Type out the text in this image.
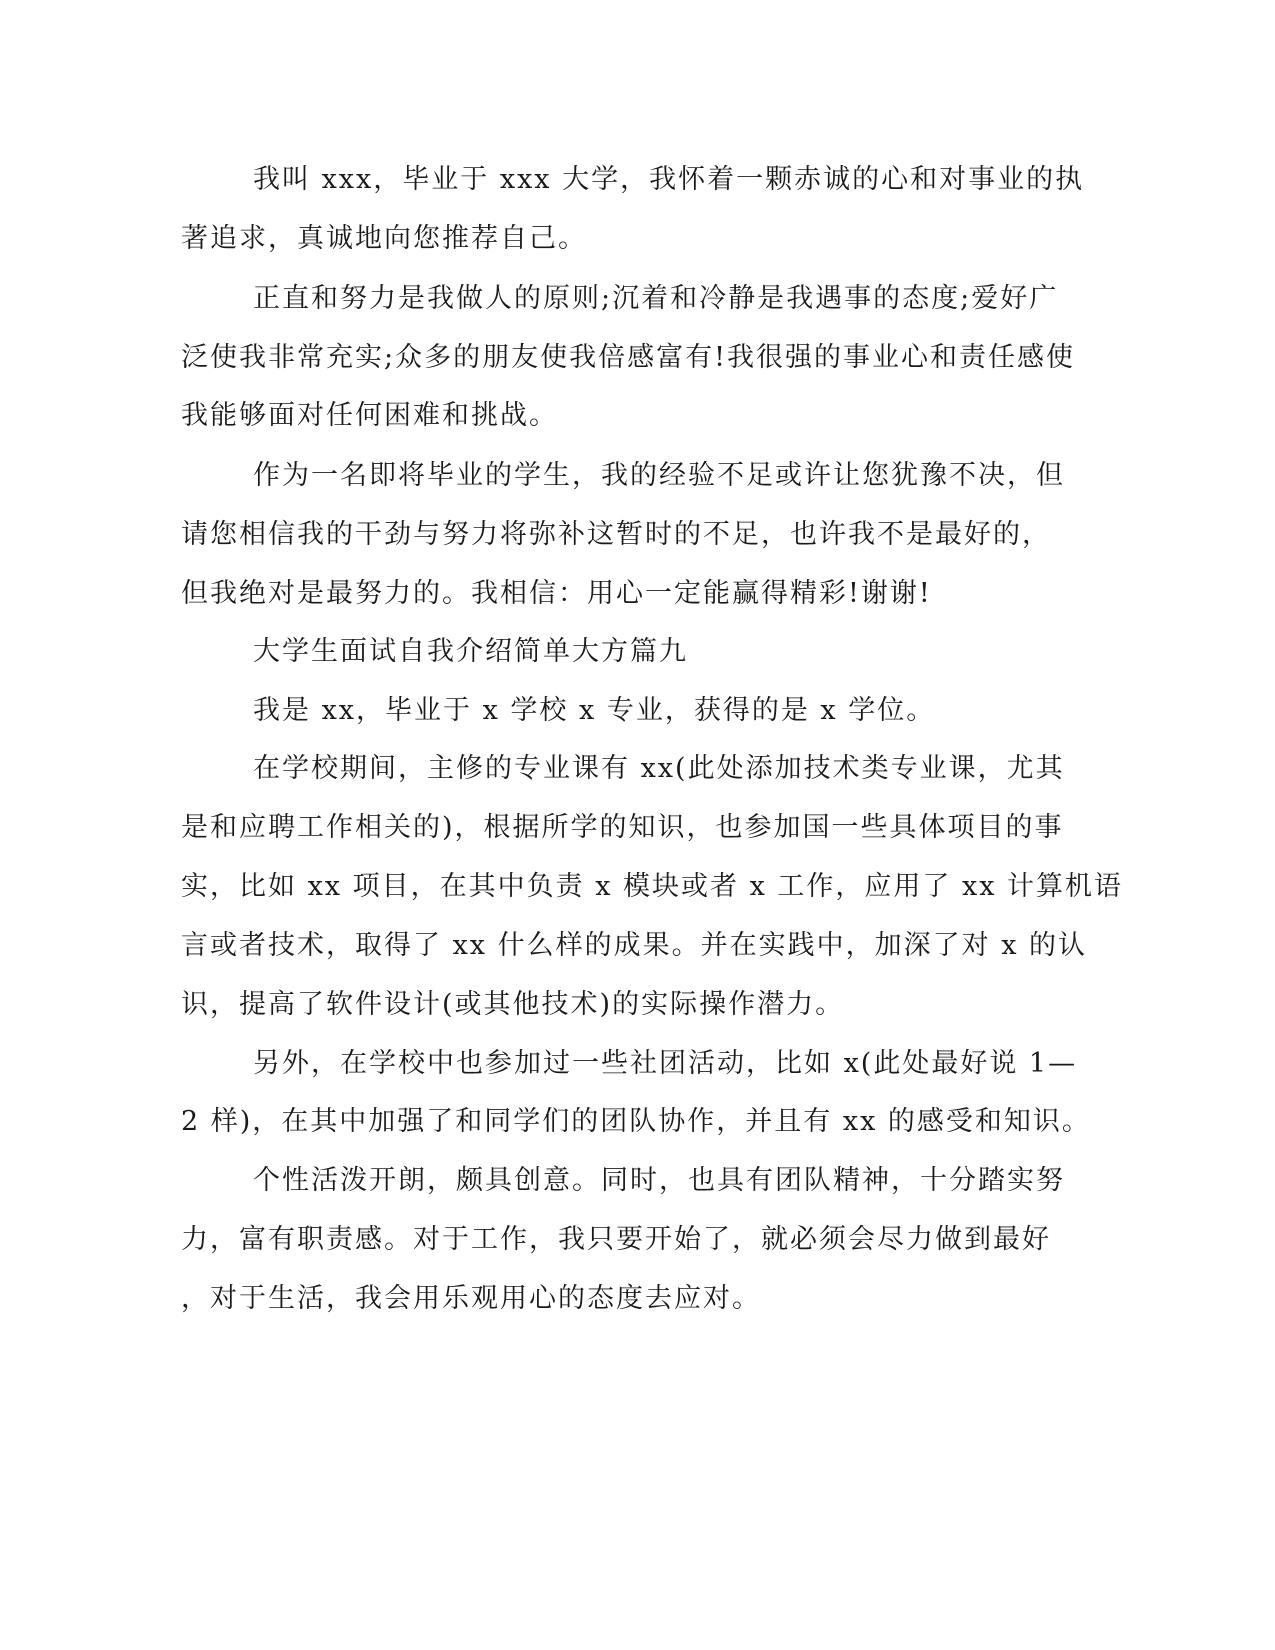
我叫 xxx，毕业于 xxx 大学，我怀着一颗赤诚的心和对事业的执
著追求，真诚地向您推荐自己。
正直和努力是我做人的原则;沉着和冷静是我遇事的态度;爱好广
泛使我非常充实;众多的朋友使我倍感富有!我很强的事业心和责任感使
我能够面对任何困难和挑战。
作为一名即将毕业的学生，我的经验不足或许让您犹豫不决，但
请您相信我的干劲与努力将弥补这暂时的不足，也许我不是最好的，
但我绝对是最努力的。我相信：用心一定能赢得精彩!谢谢!
大学生面试自我介绍简单大方篇九
我是 xx，毕业于 x 学校 x 专业，获得的是 x 学位。
在学校期间，主修的专业课有 xx(此处添加技术类专业课，尤其
是和应聘工作相关的)，根据所学的知识，也参加国一些具体项目的事
实，比如 xx 项目，在其中负责 x 模块或者 x 工作，应用了 xx 计算机语
言或者技术，取得了 xx 什么样的成果。并在实践中，加深了对 x 的认
识，提高了软件设计(或其他技术)的实际操作潜力。
另外，在学校中也参加过一些社团活动，比如 x(此处最好说 1—
2 样)，在其中加强了和同学们的团队协作，并且有 xx 的感受和知识。
个性活泼开朗，颇具创意。同时，也具有团队精神，十分踏实努
力，富有职责感。对于工作，我只要开始了，就必须会尽力做到最好
，对于生活，我会用乐观用心的态度去应对。
